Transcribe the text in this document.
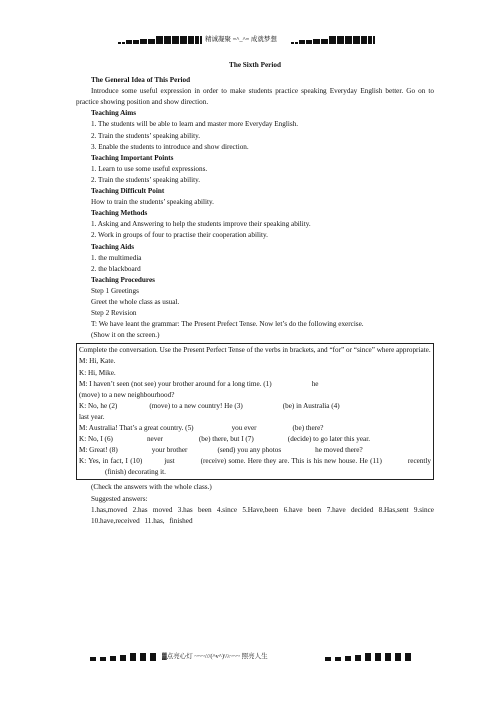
精诚凝聚 =^_^= 成就梦想
The Sixth Period
The General Idea of This Period
Introduce some useful expression in order to make students practice speaking Everyday English better. Go on to practice showing position and show direction.
Teaching Aims
1. The students will be able to learn and master more Everyday English.
2. Train the students’ speaking ability.
3. Enable the students to introduce and show direction.
Teaching Important Points
1. Learn to use some useful expressions.
2. Train the students’ speaking ability.
Teaching Difficult Point
How to train the students’ speaking ability.
Teaching Methods
1. Asking and Answering to help the students improve their speaking ability.
2. Work in groups of four to practise their cooperation ability.
Teaching Aids
1. the multimedia
2. the blackboard
Teaching Procedures
Step 1 Greetings
Greet the whole class as usual.
Step 2 Revision
T: We have leant the grammar: The Present Prefect Tense. Now let’s do the following exercise.
(Show it on the screen.)
Complete the conversation. Use the Present Perfect Tense of the verbs in brackets, and “for” or “since” where appropriate.
M: Hi, Kate.
K: Hi, Mike.
M: I haven’t seen (not see) your brother around for a long time. (1)	he
(move) to a new neighbourhood?
K: No, he (2)	(move) to a new country! He (3)	(be) in Australia (4)
last year.
M: Australia! That’s a great country. (5)	you ever	(be) there?
K: No, I (6)	never	(be) there, but I (7)	(decide) to go later this year.
M: Great! (8)	your brother	(send) you any photos	he moved there?
K: Yes, in fact, I (10)	just	(receive) some. Here they are. This is his new house. He (11)	recently(finish) decorating it.
(Check the answers with the whole class.)
Suggested answers:
1.has,moved 2.has moved 3.has been 4.since 5.Have,been 6.have been 7.have decided 8.Has,sent 9.since 10.have,received 11.has, finished
▓点亮心灯 ~~~///(^v^)\\\~~~ 照亮人生
